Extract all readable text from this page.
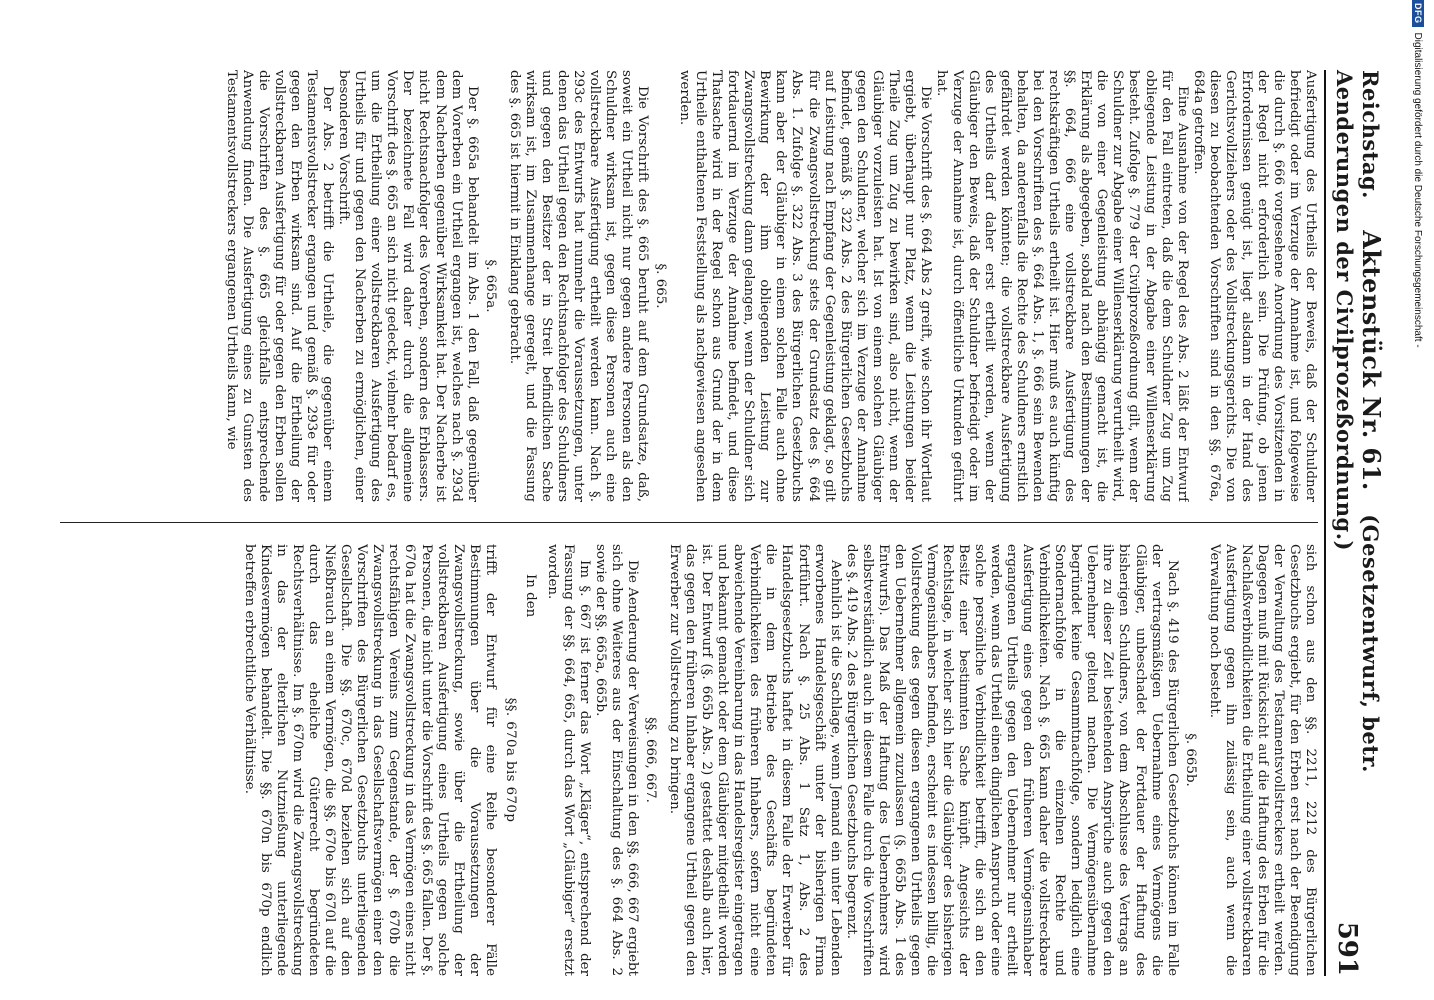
Reichstag.    Aktenstück Nr. 61.   (Gesetzentwurf, betr. Aenderungen der Civilprozeßordnung.)
591

Ausfertigung des Urtheils der Beweis, daß der Schuldner befriedigt oder im Verzuge der Annahme ist, und folgeweise die durch §. 666 vorgesehene Anordnung des Vorsitzenden in der Regel nicht erforderlich sein. Die Prüfung, ob jenen Erfordernissen genügt ist, liegt alsdann in der Hand des Gerichtsvollziehers oder des Vollstreckungsgerichts. Die von diesen zu beobachtenden Vorschriften sind in den §§. 676a, 684a getroffen.

Eine Ausnahme von der Regel des Abs. 2 läßt der Entwurf für den Fall eintreten, daß die dem Schuldner Zug um Zug obliegende Leistung in der Abgabe einer Willenserklärung besteht. Zufolge §. 779 der Civilprozeßordnung gilt, wenn der Schuldner zur Abgabe einer Willenserklärung verurtheilt wird, die von einer Gegenleistung abhängig gemacht ist, die Erklärung als abgegeben, sobald nach den Bestimmungen der §§. 664, 666 eine vollstreckbare Ausfertigung des rechtskräftigen Urtheils ertheilt ist. Hier muß es auch künftig bei den Vorschriften des §. 664 Abs. 1, §. 666 sein Bewenden behalten, da anderenfalls die Rechte des Schuldners ernstlich gefährdet werden könnten; die vollstreckbare Ausfertigung des Urtheils darf daher erst ertheilt werden, wenn der Gläubiger den Beweis, daß der Schuldner befriedigt oder im Verzuge der Annahme ist, durch öffentliche Urkunden geführt hat.

Die Vorschrift des §. 664 Abs 2 greift, wie schon ihr Wortlaut ergiebt, überhaupt nur Platz, wenn die Leistungen beider Theile Zug um Zug zu bewirken sind, also nicht, wenn der Gläubiger vorzuleisten hat. Ist von einem solchen Gläubiger gegen den Schuldner, welcher sich im Verzuge der Annahme befindet, gemäß §. 322 Abs. 2 des Bürgerlichen Gesetzbuchs auf Leistung nach Empfang der Gegenleistung geklagt, so gilt für die Zwangsvollstreckung stets der Grundsatz des §. 664 Abs. 1. Zufolge §. 322 Abs. 3 des Bürgerlichen Gesetzbuchs kann aber der Gläubiger in einem solchen Falle auch ohne Bewirkung der ihm obliegenden Leistung zur Zwangsvollstreckung dann gelangen, wenn der Schuldner sich fortdauernd im Verzuge der Annahme befindet, und diese Thatsache wird in der Regel schon aus Grund der in dem Urtheile enthaltenen Feststellung als nachgewiesen angesehen werden.

§. 665.

Die Vorschrift des §. 665 beruht auf dem Grundsatze, daß, soweit ein Urtheil nicht nur gegen andere Personen als den Schuldner wirksam ist, gegen diese Personen auch eine vollstreckbare Ausfertigung ertheilt werden kann. Nach §. 293c des Entwurfs hat nunmehr die Voraussetzungen, unter denen das Urtheil gegen den Rechtsnachfolger des Schuldners und gegen den Besitzer der in Streit befindlichen Sache wirksam ist, im Zusammenhange geregelt, und die Fassung des §. 665 ist hiermit in Einklang gebracht.

§. 665a.

Der §. 665a behandelt im Abs. 1 den Fall, daß gegenüber dem Vorerben ein Urtheil ergangen ist, welches nach §. 293d dem Nacherben gegenüber Wirksamkeit hat. Der Nacherbe ist nicht Rechtsnachfolger des Vorerben, sondern des Erblassers. Der bezeichnete Fall wird daher durch die allgemeine Vorschrift des §. 665 an sich nicht gedeckt, vielmehr bedarf es, um die Ertheilung einer vollstreckbaren Ausfertigung des Urtheils für und gegen den Nacherben zu ermöglichen, einer besonderen Vorschrift.

Der Abs. 2 betrifft die Urtheile, die gegenüber einem Testamentsvollstrecker ergangen und gemäß §. 293e für oder gegen den Erben wirksam sind. Auf die Ertheilung der vollstreckbaren Ausfertigung für oder gegen den Erben sollen die Vorschriften des §. 665 gleichfalls entsprechende Anwendung finden. Die Ausfertigung eines zu Gunsten des Testamentsvollstreckers ergangenen Urtheils kann, wie

sich schon aus den §§. 2211, 2212 des Bürgerlichen Gesetzbuchs ergiebt, für den Erben erst nach der Beendigung der Verwaltung des Testamentsvollstreckers ertheilt werden. Dagegen muß mit Rücksicht auf die Haftung des Erben für die Nachlaßverbindlichkeiten die Ertheilung einer vollstreckbaren Ausfertigung gegen ihn zulässig sein, auch wenn die Verwaltung noch besteht.

§. 665b.

Nach §. 419 des Bürgerlichen Gesetzbuchs können im Falle der vertragsmäßigen Uebernahme eines Vermögens die Gläubiger, unbeschadet der Fortdauer der Haftung des bisherigen Schuldners, von dem Abschlusse des Vertrags an ihre zu dieser Zeit bestehenden Ansprüche auch gegen den Uebernehmer geltend machen. Die Vermögensübernahme begründet keine Gesammtnachfolge, sondern lediglich eine Sondernachfolge in die einzelnen Rechte und Verbindlichkeiten. Nach §. 665 kann daher die vollstreckbare Ausfertigung eines gegen den früheren Vermögensinhaber ergangenen Urtheils gegen den Uebernehmer nur ertheilt werden, wenn das Urtheil einen dinglichen Anspruch oder eine solche persönliche Verbindlichkeit betrifft, die sich an den Besitz einer bestimmten Sache knüpft. Angesichts der Rechtslage, in welcher sich hier die Gläubiger des bisherigen Vermögensinhabers befinden, erscheint es indessen billig, die Vollstreckung des gegen diesen ergangenen Urtheils gegen den Uebernehmer allgemein zuzulassen (§. 665b Abs. 1 des Entwurfs). Das Maß der Haftung des Uebernehmers wird selbstverständlich auch in diesem Falle durch die Vorschriften des §. 419 Abs. 2 des Bürgerlichen Gesetzbuchs begrenzt.

Aehnlich ist die Sachlage, wenn Jemand ein unter Lebenden erworbenes Handelsgeschäft unter der bisherigen Firma fortführt. Nach §. 25 Abs. 1 Satz 1, Abs. 2 des Handelsgesetzbuchs haftet in diesem Falle der Erwerber für die in dem Betriebe des Geschäfts begründeten Verbindlichkeiten des früheren Inhabers, sofern nicht eine abweichende Vereinbarung in das Handelsregister eingetragen und bekannt gemacht oder dem Gläubiger mitgetheilt worden ist. Der Entwurf (§. 665b Abs. 2) gestattet deshalb auch hier, das gegen den früheren Inhaber ergangene Urtheil gegen den Erwerber zur Vollstreckung zu bringen.

§§. 666, 667.

Die Aenderung der Verweisungen in den §§. 666, 667 ergiebt sich ohne Weiteres aus der Einschaltung des §. 664 Abs. 2 sowie der §§. 665a, 665b.

Im §. 667 ist ferner das Wort „Kläger“, entsprechend der Fassung der §§. 664, 665, durch das Wort „Gläubiger“ ersetzt worden.

In den

§§. 670a bis 670p

trifft der Entwurf für eine Reihe besonderer Fälle Bestimmungen über die Voraussetzungen der Zwangsvollstreckung, sowie über die Ertheilung der vollstreckbaren Ausfertigung eines Urtheils gegen solche Personen, die nicht unter die Vorschrift des §. 665 fallen. Der §. 670a hat die Zwangsvollstreckung in das Vermögen eines nicht rechtsfähigen Vereins zum Gegenstande, der §. 670b die Zwangsvollstreckung in das Gesellschaftsvermögen einer den Vorschriften des Bürgerlichen Gesetzbuchs unterliegenden Gesellschaft. Die §§. 670c, 670d beziehen sich auf den Nießbrauch an einem Vermögen, die §§. 670e bis 670l auf die durch das eheliche Güterrecht begründeten Rechtsverhältnisse. Im §. 670m wird die Zwangsvollstreckung in das der elterlichen Nutznießung unterliegende Kindesvermögen behandelt. Die §§. 670n bis 670p endlich betreffen erbrechtliche Verhältnisse.

DFG
Digitalisierung gefördert durch die Deutsche Forschungsgemeinschaft -
